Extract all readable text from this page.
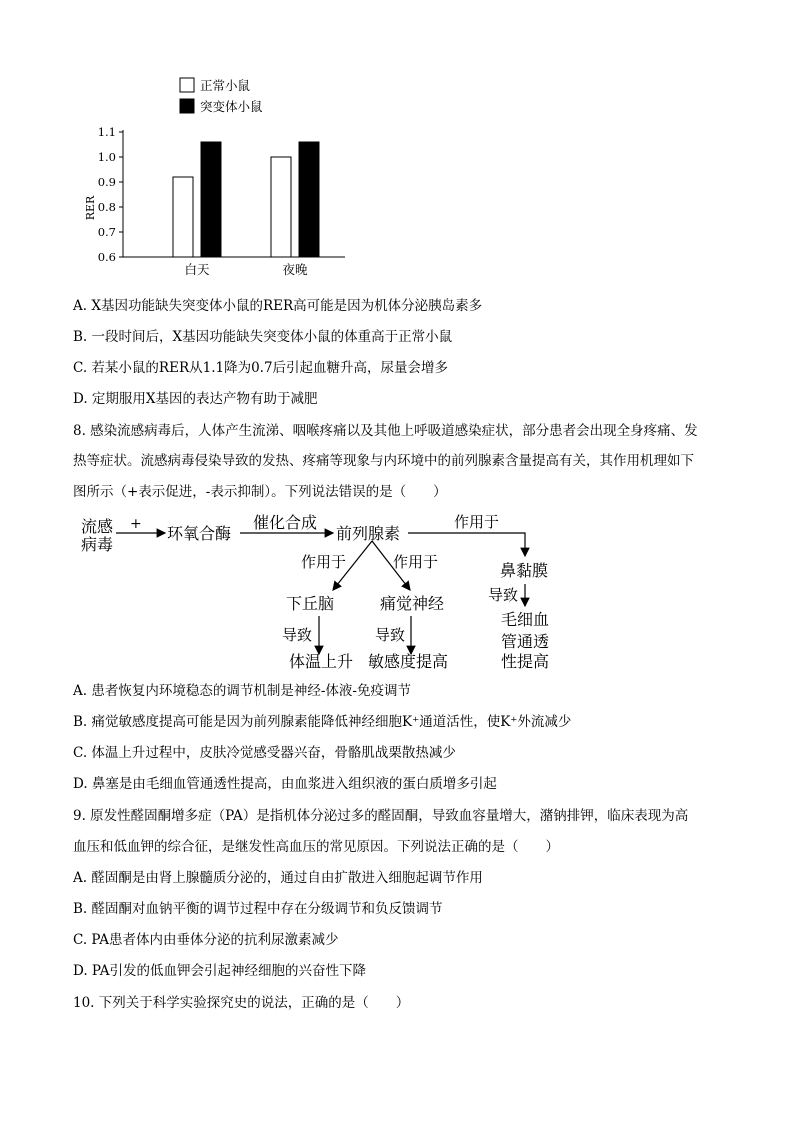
正常小鼠
突变体小鼠
RER
0.6
0.7
0.8
0.9
1.0
1.1
白天	夜晚
A. X基因功能缺失突变体小鼠的RER高可能是因为机体分泌胰岛素多
B. 一段时间后，X基因功能缺失突变体小鼠的体重高于正常小鼠
C. 若某小鼠的RER从1.1降为0.7后引起血糖升高，尿量会增多
D. 定期服用X基因的表达产物有助于减肥
8. 感染流感病毒后，人体产生流涕、咽喉疼痛以及其他上呼吸道感染症状，部分患者会出现全身疼痛、发
热等症状。流感病毒侵染导致的发热、疼痛等现象与内环境中的前列腺素含量提高有关，其作用机理如下
图所示（+表示促进，-表示抑制）。下列说法错误的是（　　）
流感
病毒
+ 环氧合酶
催化合成
前列腺素
作用于
鼻黏膜
导致
毛细血
管通透
性提高
作用于	作用于
下丘脑	痛觉神经
导致	导致
体温上升 敏感度提高
A. 患者恢复内环境稳态的调节机制是神经-体液-免疫调节
B. 痛觉敏感度提高可能是因为前列腺素能降低神经细胞K⁺通道活性，使K⁺外流减少
C. 体温上升过程中，皮肤冷觉感受器兴奋，骨骼肌战栗散热减少
D. 鼻塞是由毛细血管通透性提高，由血浆进入组织液的蛋白质增多引起
9. 原发性醛固酮增多症（PA）是指机体分泌过多的醛固酮，导致血容量增大，潴钠排钾，临床表现为高
血压和低血钾的综合征，是继发性高血压的常见原因。下列说法正确的是（　　）
A. 醛固酮是由肾上腺髓质分泌的，通过自由扩散进入细胞起调节作用
B. 醛固酮对血钠平衡的调节过程中存在分级调节和负反馈调节
C. PA患者体内由垂体分泌的抗利尿激素减少
D. PA引发的低血钾会引起神经细胞的兴奋性下降
10. 下列关于科学实验探究史的说法，正确的是（　　）
